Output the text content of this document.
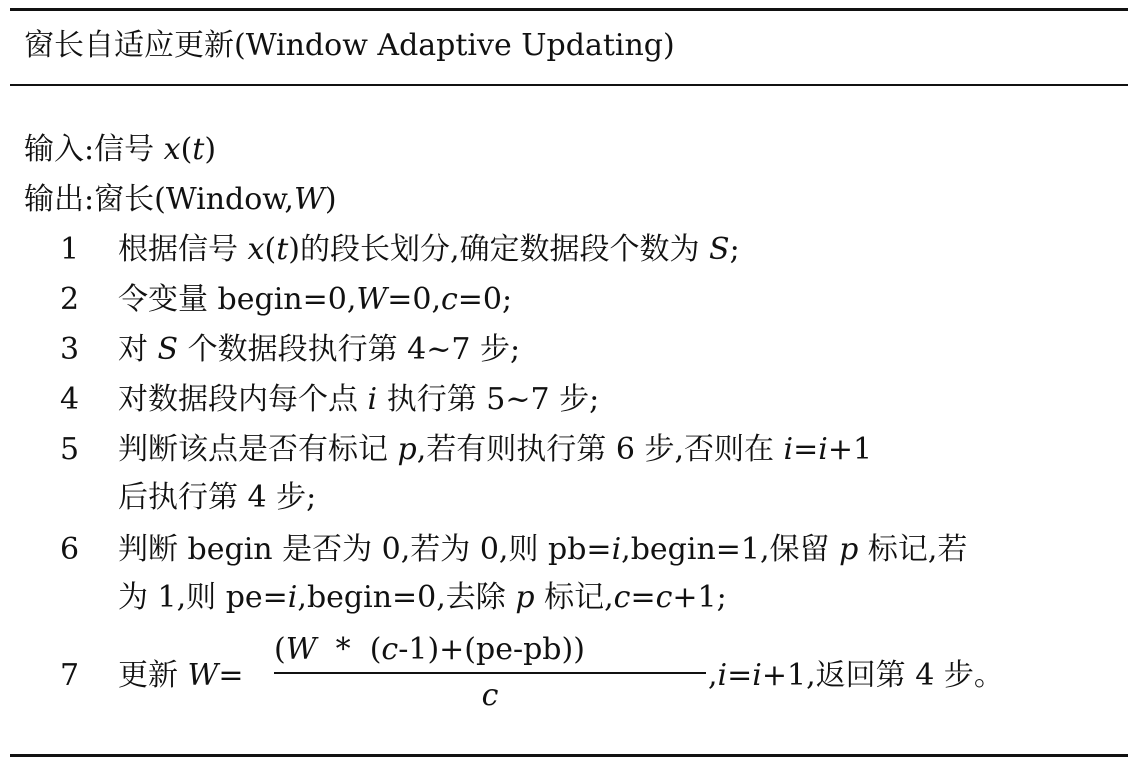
窗长自适应更新(Window Adaptive Updating)
输入:信号 x(t)
输出:窗长(Window,W)
1 根据信号 x(t)的段长划分,确定数据段个数为 S;
2 令变量 begin=0,W=0,c=0;
3 对 S 个数据段执行第 4~7 步;
4 对数据段内每个点 i 执行第 5~7 步;
5 判断该点是否有标记 p,若有则执行第 6 步,否则在 i=i+1
后执行第 4 步;
6 判断 begin 是否为 0,若为 0,则 pb=i,begin=1,保留 p 标记,若
为 1,则 pe=i,begin=0,去除 p 标记,c=c+1;
7 更新 W=
(W  *  (c-1)+(pe-pb))
c
,i=i+1,返回第 4 步。
